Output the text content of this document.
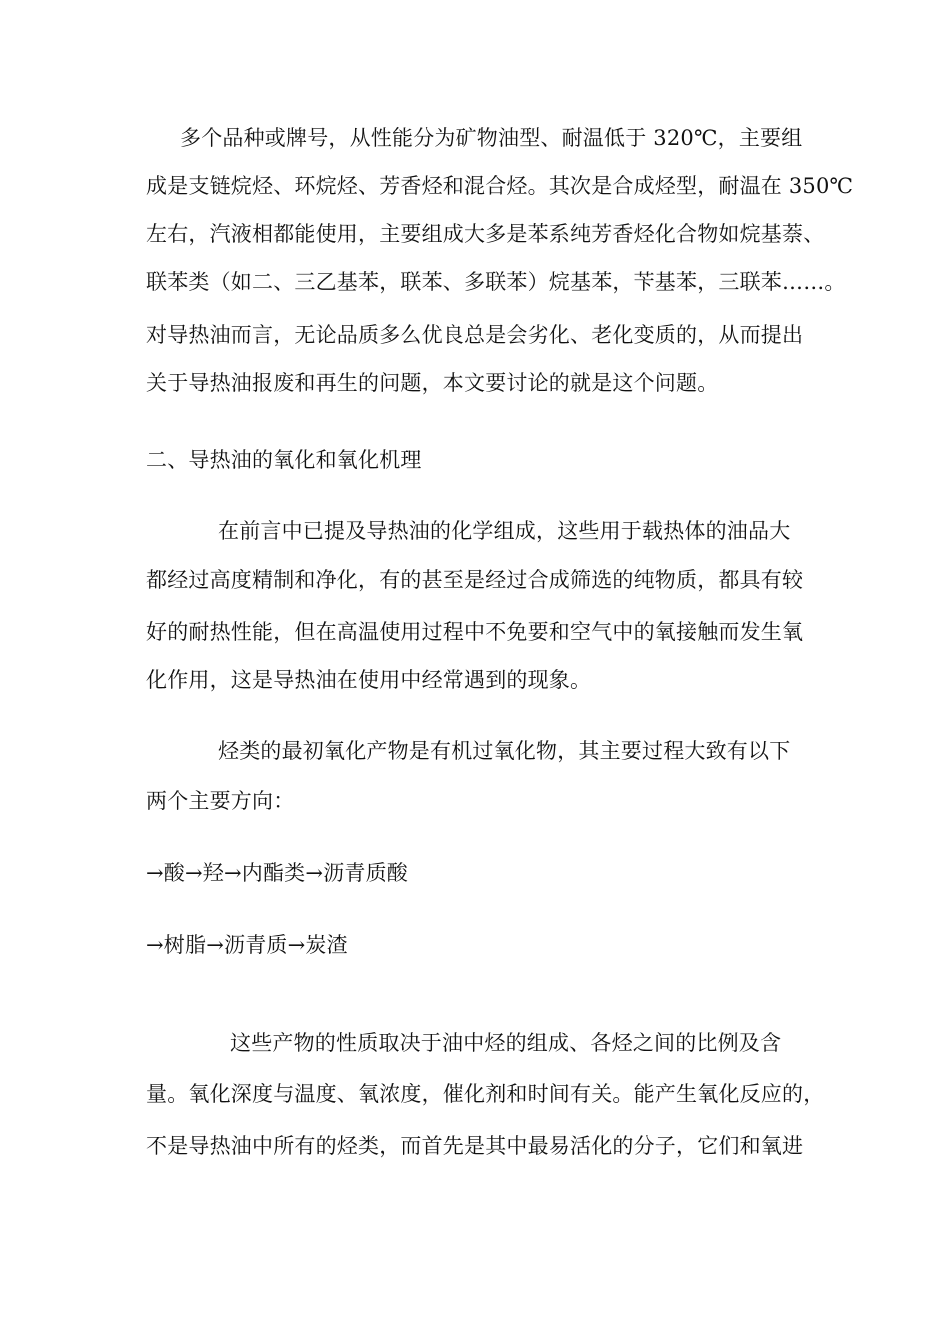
多个品种或牌号，从性能分为矿物油型、耐温低于 320℃，主要组
成是支链烷烃、环烷烃、芳香烃和混合烃。其次是合成烃型，耐温在 350℃
左右，汽液相都能使用，主要组成大多是苯系纯芳香烃化合物如烷基萘、
联苯类（如二、三乙基苯，联苯、多联苯）烷基苯，苄基苯，三联苯……。
对导热油而言，无论品质多么优良总是会劣化、老化变质的，从而提出
关于导热油报废和再生的问题，本文要讨论的就是这个问题。
二、导热油的氧化和氧化机理
在前言中已提及导热油的化学组成，这些用于载热体的油品大
都经过高度精制和净化，有的甚至是经过合成筛选的纯物质，都具有较
好的耐热性能，但在高温使用过程中不免要和空气中的氧接触而发生氧
化作用，这是导热油在使用中经常遇到的现象。
烃类的最初氧化产物是有机过氧化物，其主要过程大致有以下
两个主要方向：
→酸→羟→内酯类→沥青质酸
→树脂→沥青质→炭渣
这些产物的性质取决于油中烃的组成、各烃之间的比例及含
量。氧化深度与温度、氧浓度，催化剂和时间有关。能产生氧化反应的，
不是导热油中所有的烃类，而首先是其中最易活化的分子，它们和氧进
